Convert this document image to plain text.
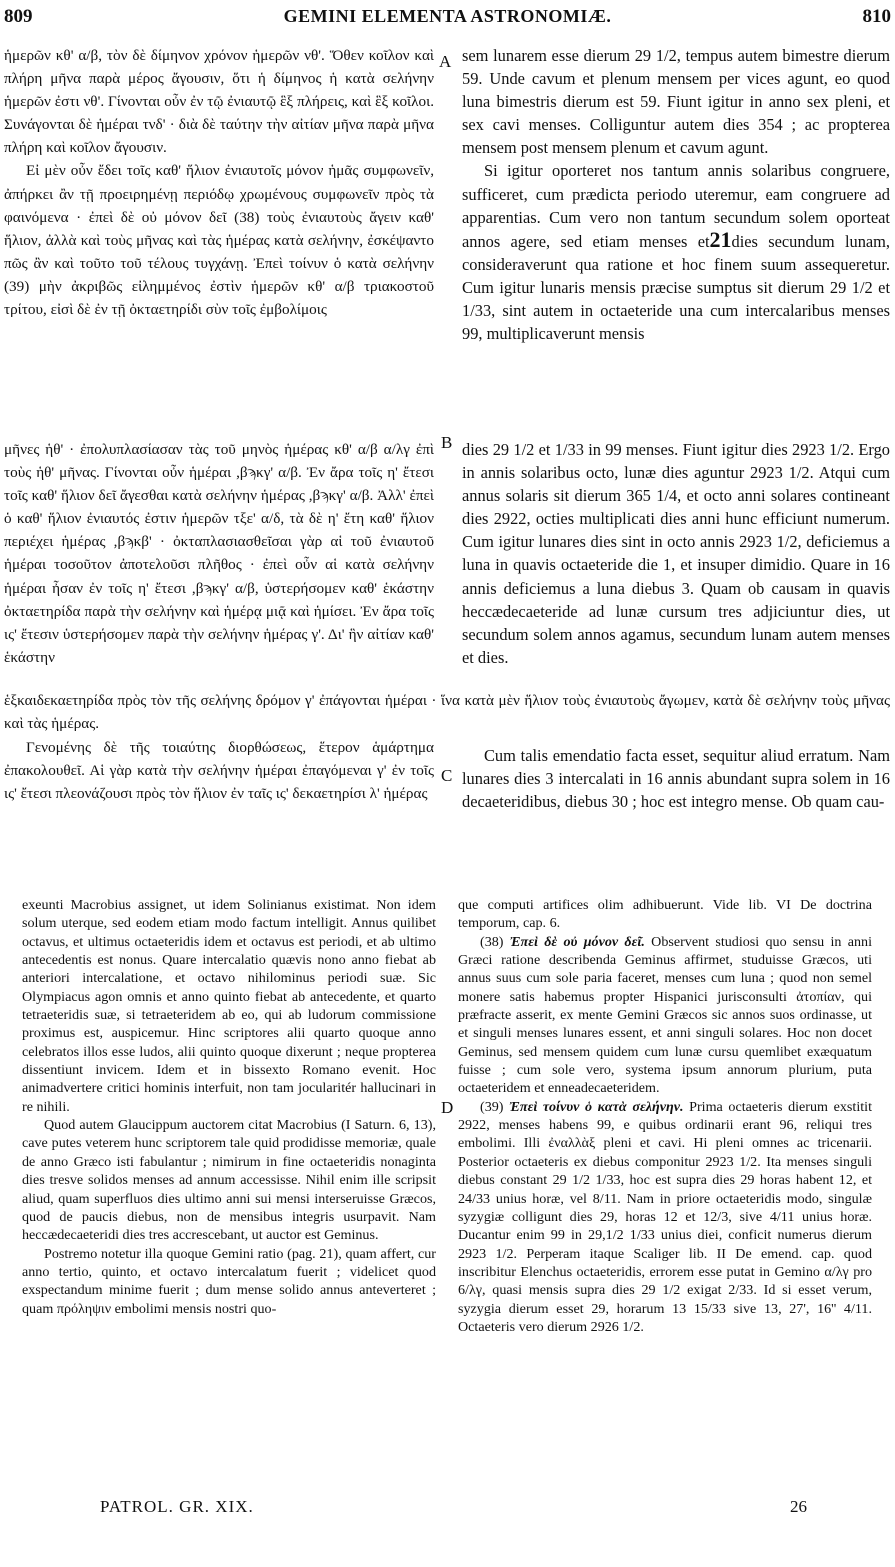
809	GEMINI ELEMENTA ASTRONOMIÆ.	810
A
B
C
D

ἡμερῶν κθ' α/β, τὸν δὲ δίμηνον χρόνον ἡμερῶν νθ'. Ὅθεν κοῖλον καὶ πλήρη μῆνα παρὰ μέρος ἄγουσιν, ὅτι ἡ δίμηνος ἡ κατὰ σελήνην ἡμερῶν ἐστι νθ'. Γίνονται οὖν ἐν τῷ ἐνιαυτῷ ἓξ πλήρεις, καὶ ἓξ κοῖλοι. Συνάγονται δὲ ἡμέραι τνδ' · διὰ δὲ ταύτην τὴν αἰτίαν μῆνα παρὰ μῆνα πλήρη καὶ κοῖλον ἄγουσιν.

Εἰ μὲν οὖν ἔδει τοῖς καθ' ἥλιον ἐνιαυτοῖς μόνον ἡμᾶς συμφωνεῖν, ἀπήρκει ἂν τῇ προειρημένῃ περιόδῳ χρωμένους συμφωνεῖν πρὸς τὰ φαινόμενα · ἐπεὶ δὲ οὐ μόνον δεῖ (38) τοὺς ἐνιαυτοὺς ἄγειν καθ' ἥλιον, ἀλλὰ καὶ τοὺς μῆνας καὶ τὰς ἡμέρας κατὰ σελήνην, ἐσκέψαντο πῶς ἂν καὶ τοῦτο τοῦ τέλους τυγχάνῃ. Ἐπεὶ τοίνυν ὁ κατὰ σελήνην (39) μὴν ἀκριβῶς εἰλημμένος ἐστὶν ἡμερῶν κθ' α/β τριακοστοῦ τρίτου, εἰσὶ δὲ ἐν τῇ ὀκταετηρίδι σὺν τοῖς ἐμβολίμοις

sem lunarem esse dierum 29 1/2, tempus autem bimestre dierum 59. Unde cavum et plenum mensem per vices agunt, eo quod luna bimestris dierum est 59. Fiunt igitur in anno sex pleni, et sex cavi menses. Colliguntur autem dies 354 ; ac propterea mensem post mensem plenum et cavum agunt.

Si igitur oporteret nos tantum annis solaribus congruere, sufficeret, cum prædicta periodo uteremur, eam congruere ad apparentias. Cum vero non tantum secundum solem oporteat annos agere, sed etiam menses et21dies secundum lunam, consideraverunt qua ratione et hoc finem suum assequeretur. Cum igitur lunaris mensis præcise sumptus sit dierum 29 1/2 et 1/33, sint autem in octaeteride una cum intercalaribus menses 99, multiplicaverunt mensis

μῆνες ἡθ' · ἐπολυπλασίασαν τὰς τοῦ μηνὸς ἡμέρας κθ' α/β α/λγ ἐπὶ τοὺς ἡθ' μῆνας. Γίνονται οὖν ἡμέραι ,βϡκγ' α/β. Ἐν ἄρα τοῖς η' ἔτεσι τοῖς καθ' ἥλιον δεῖ ἄγεσθαι κατὰ σελήνην ἡμέρας ,βϡκγ' α/β. Ἀλλ' ἐπεὶ ὁ καθ' ἥλιον ἐνιαυτός ἐστιν ἡμερῶν τξε' α/δ, τὰ δὲ η' ἔτη καθ' ἥλιον περιέχει ἡμέρας ,βϡκβ' · ὀκταπλασιασθεῖσαι γὰρ αἱ τοῦ ἐνιαυτοῦ ἡμέραι τοσοῦτον ἀποτελοῦσι πλῆθος · ἐπεὶ οὖν αἱ κατὰ σελήνην ἡμέραι ἦσαν ἐν τοῖς η' ἔτεσι ,βϡκγ' α/β, ὑστερήσομεν καθ' ἑκάστην ὀκταετηρίδα παρὰ τὴν σελήνην καὶ ἡμέρᾳ μιᾷ καὶ ἡμίσει. Ἐν ἄρα τοῖς ις' ἔτεσιν ὑστερήσομεν παρὰ τὴν σελήνην ἡμέρας γ'. Δι' ἣν αἰτίαν καθ' ἑκάστην

dies 29 1/2 et 1/33 in 99 menses. Fiunt igitur dies 2923 1/2. Ergo in annis solaribus octo, lunæ dies aguntur 2923 1/2. Atqui cum annus solaris sit dierum 365 1/4, et octo anni solares contineant dies 2922, octies multiplicati dies anni hunc efficiunt numerum. Cum igitur lunares dies sint in octo annis 2923 1/2, deficiemus a luna in quavis octaeteride die 1, et insuper dimidio. Quare in 16 annis deficiemus a luna diebus 3. Quam ob causam in quavis heccædecaeteride ad lunæ cursum tres adjiciuntur dies, ut secundum solem annos agamus, secundum lunam autem menses et dies.

ἑξκαιδεκαετηρίδα πρὸς τὸν τῆς σελήνης δρόμον γ' ἐπάγονται ἡμέραι · ἵνα κατὰ μὲν ἥλιον τοὺς ἐνιαυτοὺς ἄγωμεν, κατὰ δὲ σελήνην τοὺς μῆνας καὶ τὰς ἡμέρας.

Γενομένης δὲ τῆς τοιαύτης διορθώσεως, ἕτερον ἁμάρτημα ἐπακολουθεῖ. Αἱ γὰρ κατὰ τὴν σελήνην ἡμέραι ἐπαγόμεναι γ' ἐν τοῖς ις' ἔτεσι πλεονάζουσι πρὸς τὸν ἥλιον ἐν ταῖς ις' δεκαετηρίσι λ' ἡμέρας

Cum talis emendatio facta esset, sequitur aliud erratum. Nam lunares dies 3 intercalati in 16 annis abundant supra solem in 16 decaeteridibus, diebus 30 ; hoc est integro mense. Ob quam cau-

exeunti Macrobius assignet, ut idem Solinianus existimat. Non idem solum uterque, sed eodem etiam modo factum intelligit. Annus quilibet octavus, et ultimus octaeteridis idem et octavus est periodi, et ab ultimo antecedentis est nonus. Quare intercalatio quævis nono anno fiebat ab anteriori intercalatione, et octavo nihilominus periodi suæ. Sic Olympiacus agon omnis et anno quinto fiebat ab antecedente, et quarto tetraeteridis suæ, si tetraeteridem ab eo, qui ab ludorum commissione proximus est, auspicemur. Hinc scriptores alii quarto quoque anno celebratos illos esse ludos, alii quinto quoque dixerunt ; neque propterea dissentiunt invicem. Idem et in bissexto Romano evenit. Hoc animadvertere critici hominis interfuit, non tam jocularitér hallucinari in re nihili.

Quod autem Glaucippum auctorem citat Macrobius (I Saturn. 6, 13), cave putes veterem hunc scriptorem tale quid prodidisse memoriæ, quale de anno Græco isti fabulantur ; nimirum in fine octaeteridis nonaginta dies tresve solidos menses ad annum accessisse. Nihil enim ille scripsit aliud, quam superfluos dies ultimo anni sui mensi interseruisse Græcos, quod de paucis diebus, non de mensibus integris usurpavit. Nam heccædecaeteridi dies tres accrescebant, ut auctor est Geminus.

Postremo notetur illa quoque Gemini ratio (pag. 21), quam affert, cur anno tertio, quinto, et octavo intercalatum fuerit ; videlicet quod exspectandum minime fuerit ; dum mense solido annus anteverteret ; quam πρόληψιν embolimi mensis nostri quo-

que computi artifices olim adhibuerunt. Vide lib. VI De doctrina temporum, cap. 6.

(38) Ἐπεὶ δὲ οὐ μόνον δεῖ. Observent studiosi quo sensu in anni Græci ratione describenda Geminus affirmet, studuisse Græcos, uti annus suus cum sole paria faceret, menses cum luna ; quod non semel monere satis habemus propter Hispanici jurisconsulti ἀτοπίαν, qui præfracte asserit, ex mente Gemini Græcos sic annos suos ordinasse, ut et singuli menses lunares essent, et anni singuli solares. Hoc non docet Geminus, sed mensem quidem cum lunæ cursu quemlibet exæquatum fuisse ; cum sole vero, systema ipsum annorum plurium, puta octaeteridem et enneadecaeteridem.

(39) Ἐπεὶ τοίνυν ὁ κατὰ σελήνην. Prima octaeteris dierum exstitit 2922, menses habens 99, e quibus ordinarii erant 96, reliqui tres embolimi. Illi ἐναλλὰξ pleni et cavi. Hi pleni omnes ac tricenarii. Posterior octaeteris ex diebus componitur 2923 1/2. Ita menses singuli diebus constant 29 1/2 1/33, hoc est supra dies 29 horas habent 12, et 24/33 unius horæ, vel 8/11. Nam in priore octaeteridis modo, singulæ syzygiæ colligunt dies 29, horas 12 et 12/3, sive 4/11 unius horæ. Ducantur enim 99 in 29,1/2 1/33 unius diei, conficit numerus dierum 2923 1/2. Perperam itaque Scaliger lib. II De emend. cap. quod inscribitur Elenchus octaeteridis, errorem esse putat in Gemino α/λγ pro 6/λγ, quasi mensis supra dies 29 1/2 exigat 2/33. Id si esset verum, syzygia dierum esset 29, horarum 13 15/33 sive 13, 27', 16'' 4/11. Octaeteris vero dierum 2926 1/2.

PATROL. GR. XIX.	26
